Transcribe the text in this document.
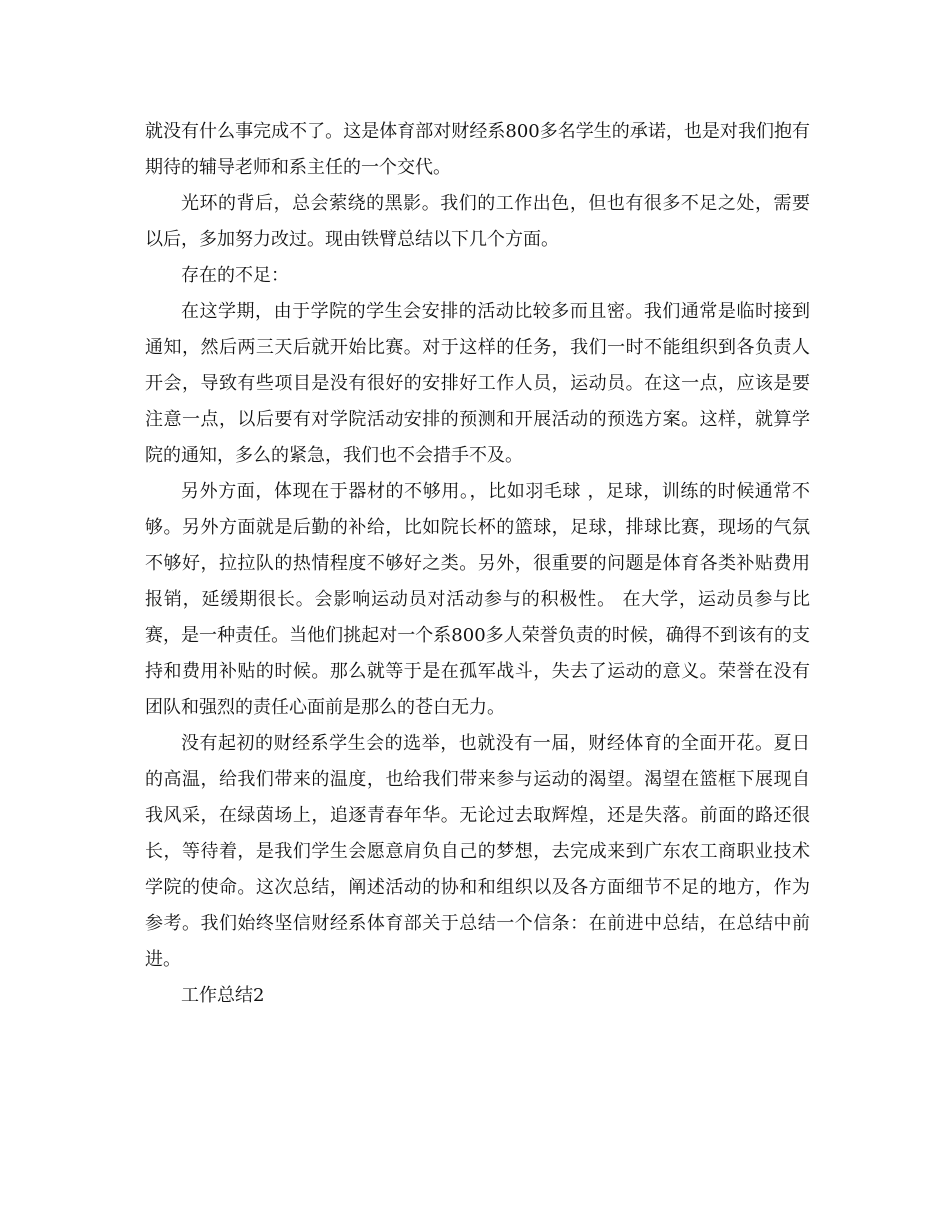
就没有什么事完成不了。这是体育部对财经系800多名学生的承诺，也是对我们抱有期待的辅导老师和系主任的一个交代。

光环的背后，总会萦绕的黑影。我们的工作出色，但也有很多不足之处，需要以后，多加努力改过。现由铁臂总结以下几个方面。

存在的不足：

在这学期，由于学院的学生会安排的活动比较多而且密。我们通常是临时接到通知，然后两三天后就开始比赛。对于这样的任务，我们一时不能组织到各负责人开会，导致有些项目是没有很好的安排好工作人员，运动员。在这一点，应该是要注意一点，以后要有对学院活动安排的预测和开展活动的预选方案。这样，就算学院的通知，多么的紧急，我们也不会措手不及。

另外方面，体现在于器材的不够用。，比如羽毛球 ，足球，训练的时候通常不够。另外方面就是后勤的补给，比如院长杯的篮球，足球，排球比赛，现场的气氛不够好，拉拉队的热情程度不够好之类。另外，很重要的问题是体育各类补贴费用报销，延缓期很长。会影响运动员对活动参与的积极性。 在大学，运动员参与比赛，是一种责任。当他们挑起对一个系800多人荣誉负责的时候，确得不到该有的支持和费用补贴的时候。那么就等于是在孤军战斗，失去了运动的意义。荣誉在没有团队和强烈的责任心面前是那么的苍白无力。

没有起初的财经系学生会的选举，也就没有一届，财经体育的全面开花。夏日的高温，给我们带来的温度，也给我们带来参与运动的渴望。渴望在篮框下展现自我风采，在绿茵场上，追逐青春年华。无论过去取辉煌，还是失落。前面的路还很长，等待着，是我们学生会愿意肩负自己的梦想，去完成来到广东农工商职业技术学院的使命。这次总结，阐述活动的协和和组织以及各方面细节不足的地方，作为参考。我们始终坚信财经系体育部关于总结一个信条：在前进中总结，在总结中前进。

工作总结2
